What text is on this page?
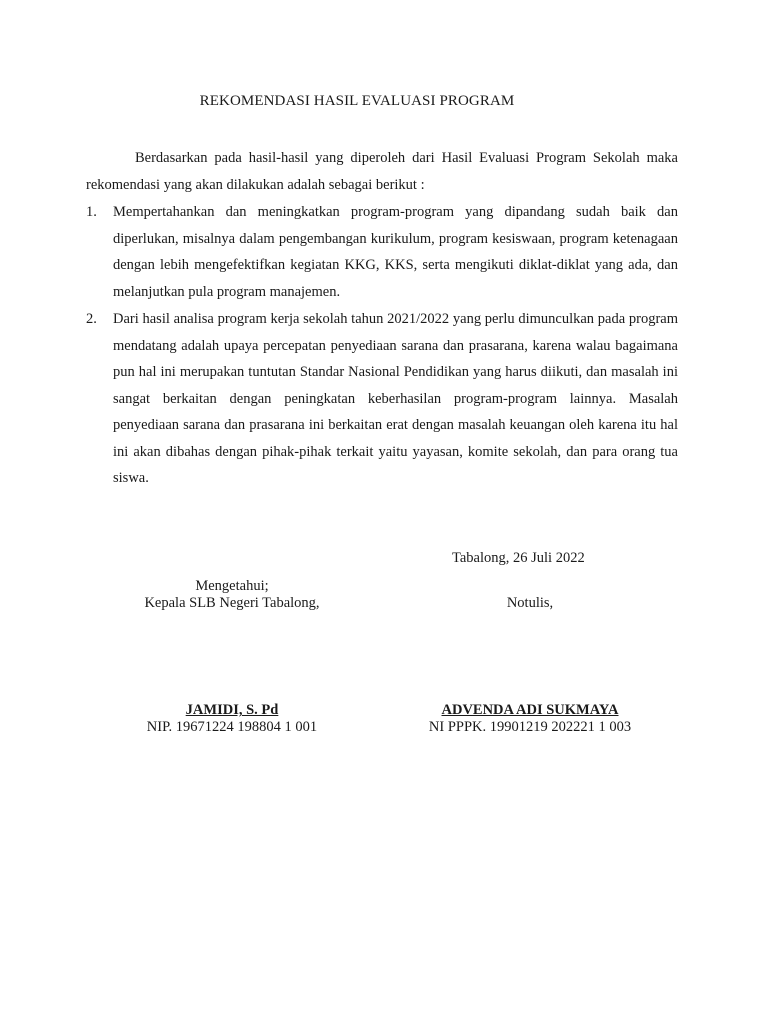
REKOMENDASI HASIL EVALUASI PROGRAM

Berdasarkan pada hasil-hasil yang diperoleh dari Hasil Evaluasi Program Sekolah maka rekomendasi yang akan dilakukan adalah sebagai berikut :

1. Mempertahankan dan meningkatkan program-program yang dipandang sudah baik dan diperlukan, misalnya dalam pengembangan kurikulum, program kesiswaan, program ketenagaan dengan lebih mengefektifkan kegiatan KKG, KKS, serta mengikuti diklat-diklat yang ada, dan melanjutkan pula program manajemen.
2. Dari hasil analisa program kerja sekolah tahun 2021/2022 yang perlu dimunculkan pada program mendatang adalah upaya percepatan penyediaan sarana dan prasarana, karena walau bagaimana pun hal ini merupakan tuntutan Standar Nasional Pendidikan yang harus diikuti, dan masalah ini sangat berkaitan dengan peningkatan keberhasilan program-program lainnya. Masalah penyediaan sarana dan prasarana ini berkaitan erat dengan masalah keuangan oleh karena itu hal ini akan dibahas dengan pihak-pihak terkait yaitu yayasan, komite sekolah, dan para orang tua siswa.
Tabalong, 26 Juli 2022
Mengetahui;
Kepala SLB Negeri Tabalong,	Notulis,
JAMIDI, S. Pd
NIP. 19671224 198804 1 001
ADVENDA ADI SUKMAYA
NI PPPK. 19901219 202221 1 003
